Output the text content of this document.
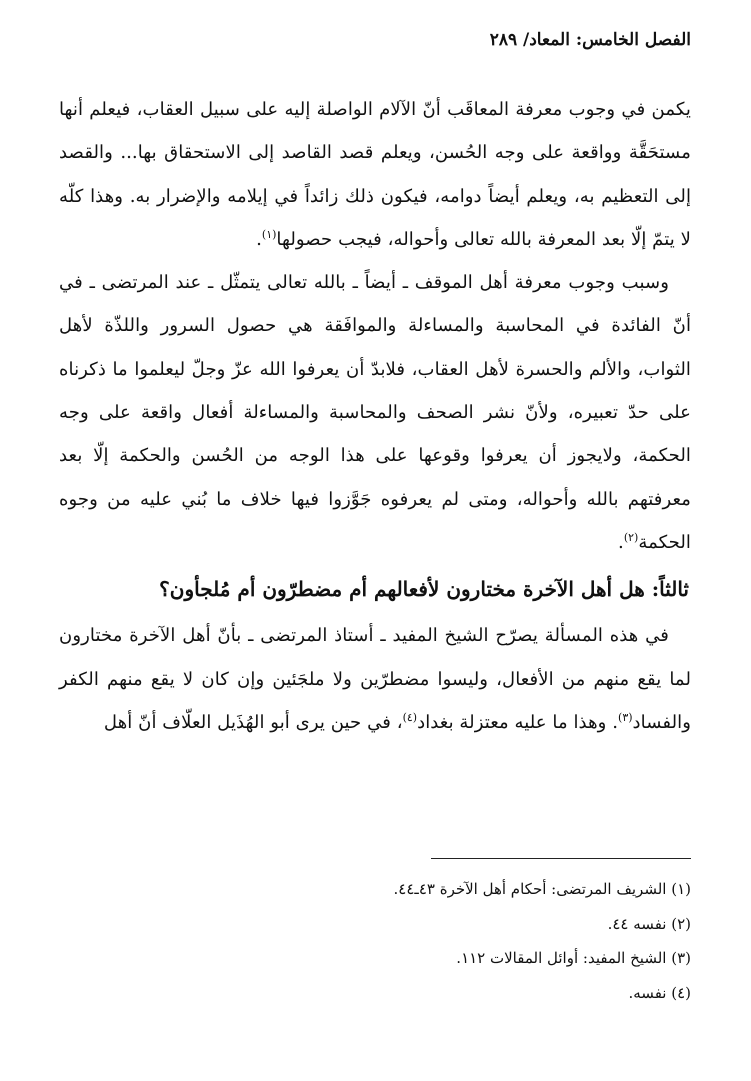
الفصل الخامس: المعاد/ ٢٨٩

يكمن في وجوب معرفة المعاقَب أنّ الآلام الواصلة إليه على سبيل العقاب، فيعلم أنها مستحَقَّة وواقعة على وجه الحُسن، ويعلم قصد القاصد إلى الاستحقاق بها... والقصد إلى التعظيم به، ويعلم أيضاً دوامه، فيكون ذلك زائداً في إيلامه والإضرار به. وهذا كلّه لا يتمّ إلّا بعد المعرفة بالله تعالى وأحواله، فيجب حصولها$^{(١)}$.

وسبب وجوب معرفة أهل الموقف ـ أيضاً ـ بالله تعالى يتمثّل ـ عند المرتضى ـ في أنّ الفائدة في المحاسبة والمساءلة والموافَقة هي حصول السرور واللذّة لأهل الثواب، والألم والحسرة لأهل العقاب، فلابدّ أن يعرفوا الله عزّ وجلّ ليعلموا ما ذكرناه على حدّ تعبيره، ولأنّ نشر الصحف والمحاسبة والمساءلة أفعال واقعة على وجه الحكمة، ولايجوز أن يعرفوا وقوعها على هذا الوجه من الحُسن والحكمة إلّا بعد معرفتهم بالله وأحواله، ومتى لم يعرفوه جَوَّزوا فيها خلاف ما بُني عليه من وجوه الحكمة$^{(٢)}$.

ثالثاً: هل أهل الآخرة مختارون لأفعالهم أم مضطرّون أم مُلجأون؟

في هذه المسألة يصرّح الشيخ المفيد ـ أستاذ المرتضى ـ بأنّ أهل الآخرة مختارون لما يقع منهم من الأفعال، وليسوا مضطرّين ولا ملجَئين وإن كان لا يقع منهم الكفر والفساد$^{(٣)}$. وهذا ما عليه معتزلة بغداد$^{(٤)}$، في حين يرى أبو الهُذَيل العلّاف أنّ أهل

(١) الشريف المرتضى: أحكام أهل الآخرة ٤٣ـ٤٤.
(٢) نفسه ٤٤.
(٣) الشيخ المفيد: أوائل المقالات ١١٢.
(٤) نفسه.
